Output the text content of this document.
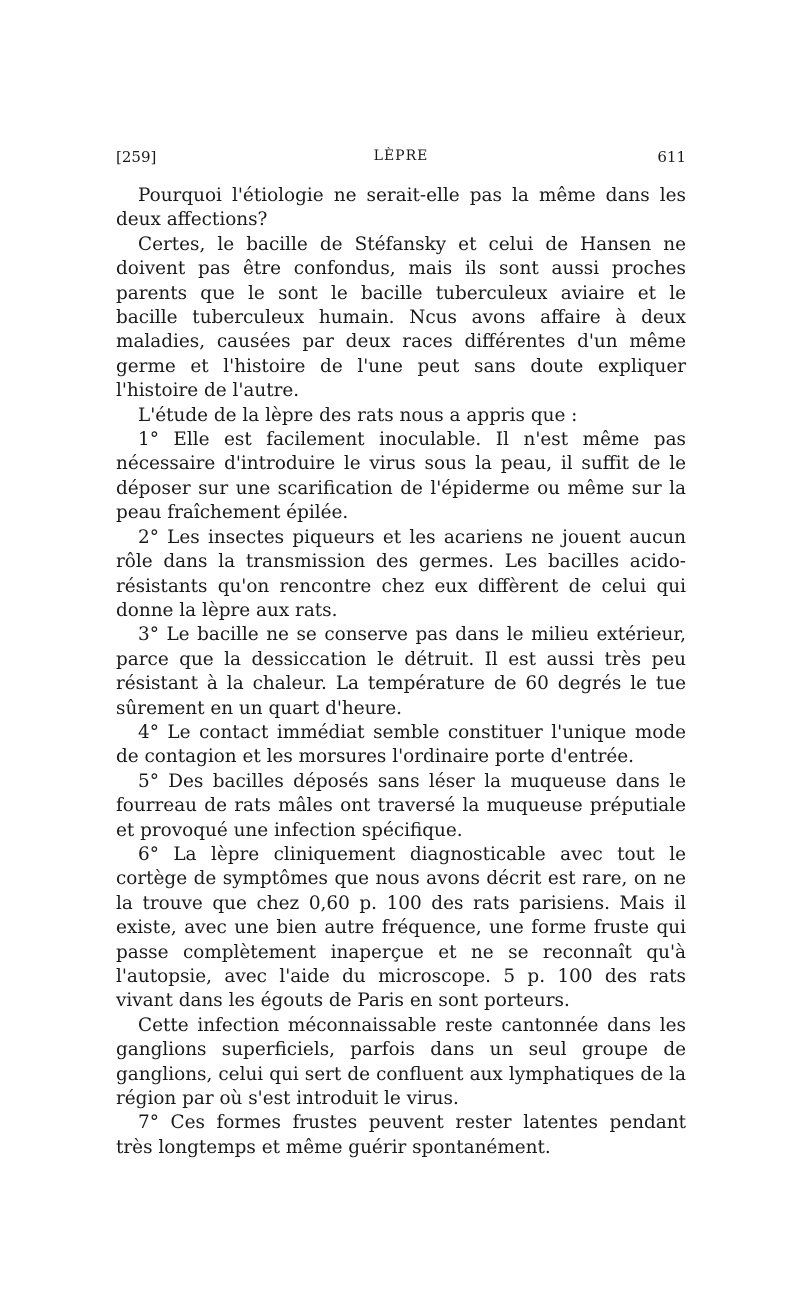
[259]	LÈPRE	611

Pourquoi l'étiologie ne serait-elle pas la même dans les deux affections?

Certes, le bacille de Stéfansky et celui de Hansen ne doivent pas être confondus, mais ils sont aussi proches parents que le sont le bacille tuberculeux aviaire et le bacille tuberculeux humain. Ncus avons affaire à deux maladies, causées par deux races différentes d'un même germe et l'histoire de l'une peut sans doute expliquer l'histoire de l'autre.

L'étude de la lèpre des rats nous a appris que :

1° Elle est facilement inoculable. Il n'est même pas nécessaire d'introduire le virus sous la peau, il suffit de le déposer sur une scarification de l'épiderme ou même sur la peau fraîchement épilée.

2° Les insectes piqueurs et les acariens ne jouent aucun rôle dans la transmission des germes. Les bacilles acido-résistants qu'on rencontre chez eux diffèrent de celui qui donne la lèpre aux rats.

3° Le bacille ne se conserve pas dans le milieu extérieur, parce que la dessiccation le détruit. Il est aussi très peu résistant à la chaleur. La température de 60 degrés le tue sûrement en un quart d'heure.

4° Le contact immédiat semble constituer l'unique mode de contagion et les morsures l'ordinaire porte d'entrée.

5° Des bacilles déposés sans léser la muqueuse dans le fourreau de rats mâles ont traversé la muqueuse préputiale et provoqué une infection spécifique.

6° La lèpre cliniquement diagnosticable avec tout le cortège de symptômes que nous avons décrit est rare, on ne la trouve que chez 0,60 p. 100 des rats parisiens. Mais il existe, avec une bien autre fréquence, une forme fruste qui passe complètement inaperçue et ne se reconnaît qu'à l'autopsie, avec l'aide du microscope. 5 p. 100 des rats vivant dans les égouts de Paris en sont porteurs.

Cette infection méconnaissable reste cantonnée dans les ganglions superficiels, parfois dans un seul groupe de ganglions, celui qui sert de confluent aux lymphatiques de la région par où s'est introduit le virus.

7° Ces formes frustes peuvent rester latentes pendant très longtemps et même guérir spontanément.
